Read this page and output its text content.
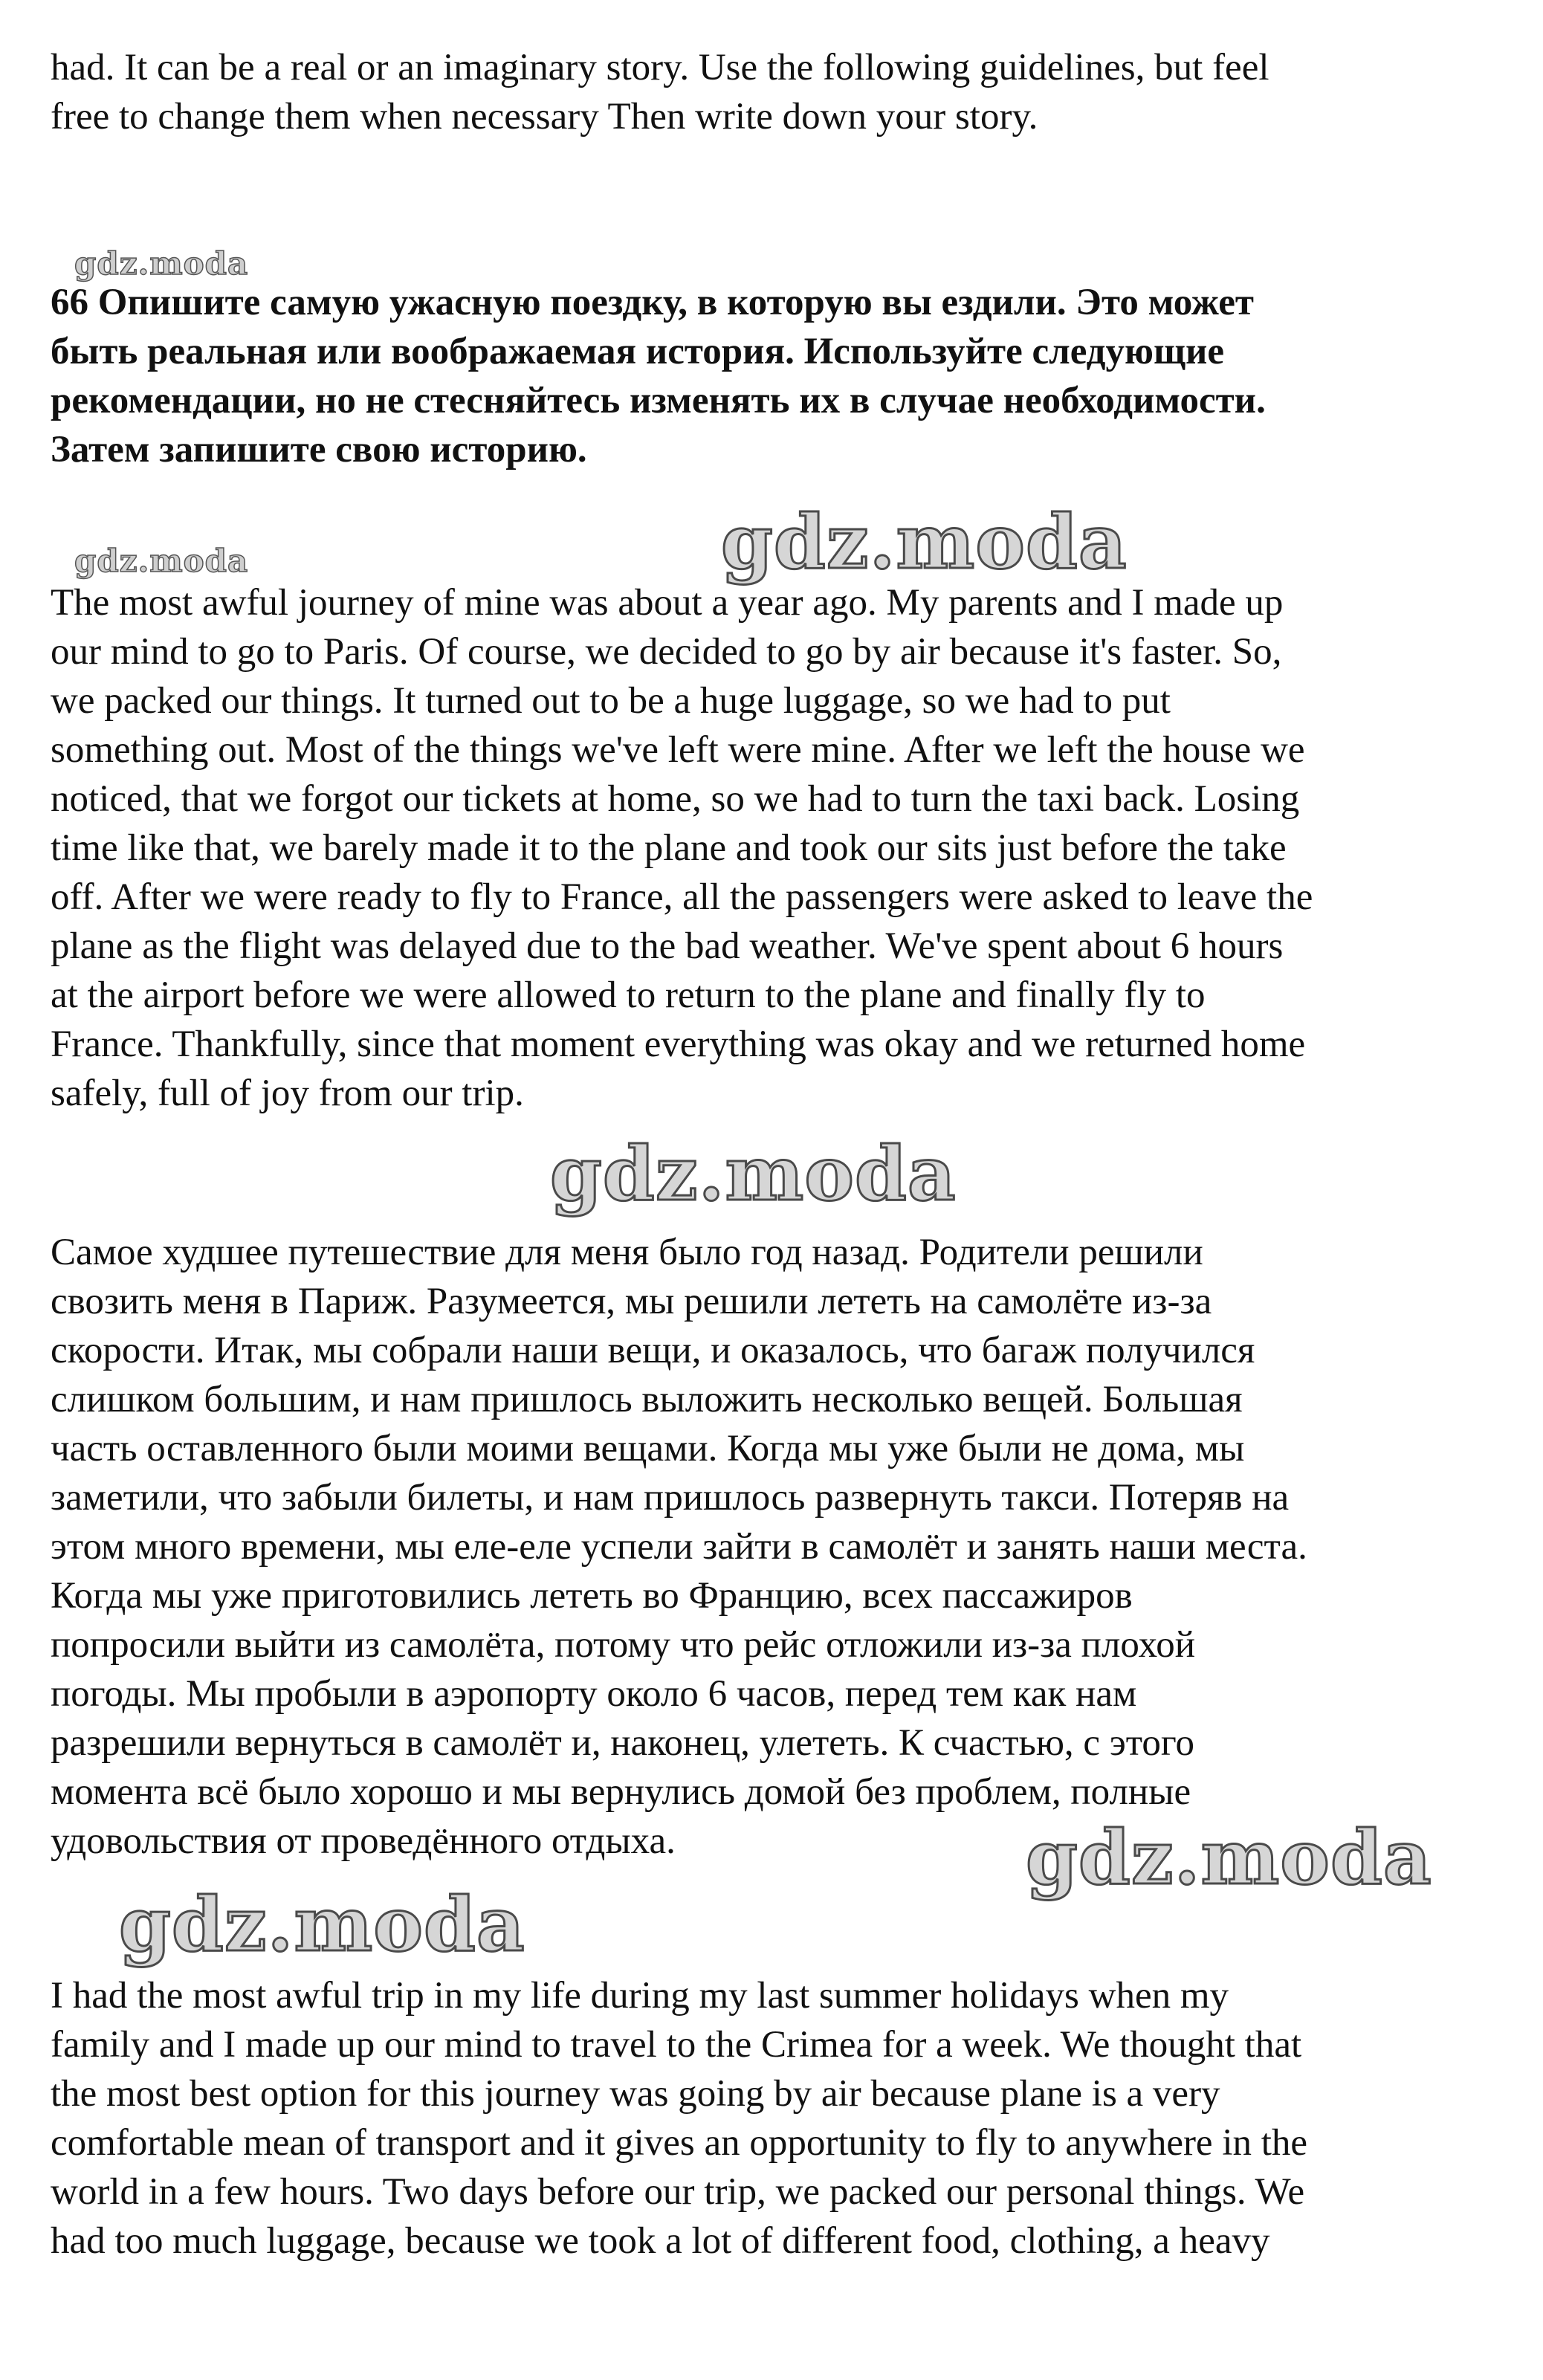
had. It can be a real or an imaginary story. Use the following guidelines, but feel
free to change them when necessary Then write down your story.
gdz.moda
66 Опишите самую ужасную поездку, в которую вы ездили. Это может
быть реальная или воображаемая история. Используйте следующие
рекомендации, но не стесняйтесь изменять их в случае необходимости.
Затем запишите свою историю.
gdz.moda	gdz.moda
The most awful journey of mine was about a year ago. My parents and I made up
our mind to go to Paris. Of course, we decided to go by air because it's faster. So,
we packed our things. It turned out to be a huge luggage, so we had to put
something out. Most of the things we've left were mine. After we left the house we
noticed, that we forgot our tickets at home, so we had to turn the taxi back. Losing
time like that, we barely made it to the plane and took our sits just before the take
off. After we were ready to fly to France, all the passengers were asked to leave the
plane as the flight was delayed due to the bad weather. We've spent about 6 hours
at the airport before we were allowed to return to the plane and finally fly to
France. Thankfully, since that moment everything was okay and we returned home
safely, full of joy from our trip.
gdz.moda
Самое худшее путешествие для меня было год назад. Родители решили
свозить меня в Париж. Разумеется, мы решили лететь на самолёте из-за
скорости. Итак, мы собрали наши вещи, и оказалось, что багаж получился
слишком большим, и нам пришлось выложить несколько вещей. Большая
часть оставленного были моими вещами. Когда мы уже были не дома, мы
заметили, что забыли билеты, и нам пришлось развернуть такси. Потеряв на
этом много времени, мы еле-еле успели зайти в самолёт и занять наши места.
Когда мы уже приготовились лететь во Францию, всех пассажиров
попросили выйти из самолёта, потому что рейс отложили из-за плохой
погоды. Мы пробыли в аэропорту около 6 часов, перед тем как нам
разрешили вернуться в самолёт и, наконец, улететь. К счастью, с этого
момента всё было хорошо и мы вернулись домой без проблем, полные
удовольствия от проведённого отдыха.	gdz.moda
gdz.moda
I had the most awful trip in my life during my last summer holidays when my
family and I made up our mind to travel to the Crimea for a week. We thought that
the most best option for this journey was going by air because plane is a very
comfortable mean of transport and it gives an opportunity to fly to anywhere in the
world in a few hours. Two days before our trip, we packed our personal things. We
had too much luggage, because we took a lot of different food, clothing, a heavy
